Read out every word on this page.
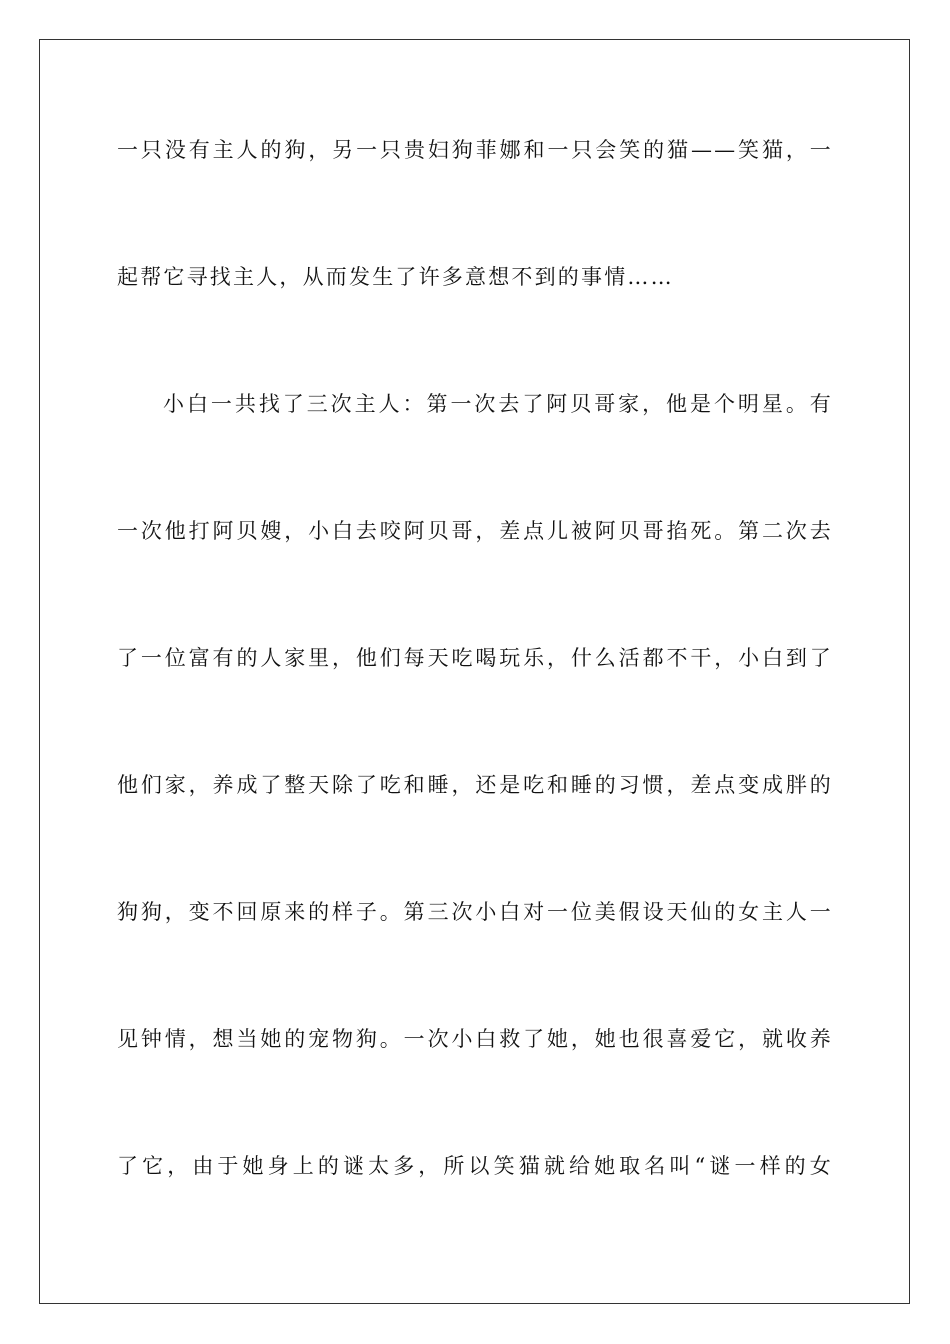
一只没有主人的狗，另一只贵妇狗菲娜和一只会笑的猫——笑猫，一
起帮它寻找主人，从而发生了许多意想不到的事情……
小白一共找了三次主人：第一次去了阿贝哥家，他是个明星。有
一次他打阿贝嫂，小白去咬阿贝哥，差点儿被阿贝哥掐死。第二次去
了一位富有的人家里，他们每天吃喝玩乐，什么活都不干，小白到了
他们家，养成了整天除了吃和睡，还是吃和睡的习惯，差点变成胖的
狗狗，变不回原来的样子。第三次小白对一位美假设天仙的女主人一
见钟情，想当她的宠物狗。一次小白救了她，她也很喜爱它，就收养
了它，由于她身上的谜太多，所以笑猫就给她取名叫“谜一样的女
